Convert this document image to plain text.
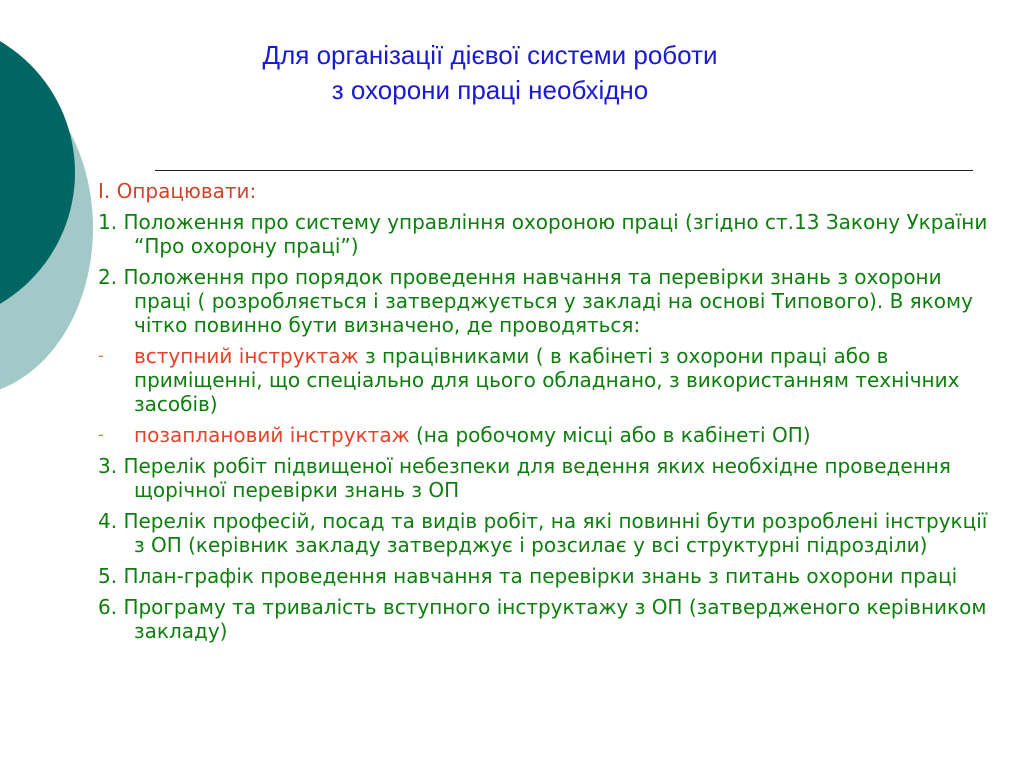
Для організації дієвої системи роботи
з охорони праці необхідно
І. Опрацювати:
1. Положення про систему управління охороною праці (згідно ст.13 Закону України “Про охорону праці”)
2. Положення про порядок проведення навчання та перевірки знань з охорони праці ( розробляється і затверджується у закладі на основі Типового). В якому чітко повинно бути визначено, де проводяться:
- вступний інструктаж з працівниками ( в кабінеті з охорони праці або в приміщенні, що спеціально для цього обладнано, з використанням технічних засобів)
- позаплановий інструктаж (на робочому місці або в кабінеті ОП)
3. Перелік робіт підвищеної небезпеки для ведення яких необхідне проведення щорічної перевірки знань з ОП
4. Перелік професій, посад та видів робіт, на які повинні бути розроблені інструкції з ОП (керівник закладу затверджує і розсилає у всі структурні підрозділи)
5. План-графік проведення навчання та перевірки знань з питань охорони праці
6. Програму та тривалість вступного інструктажу з ОП (затвердженого керівником закладу)
